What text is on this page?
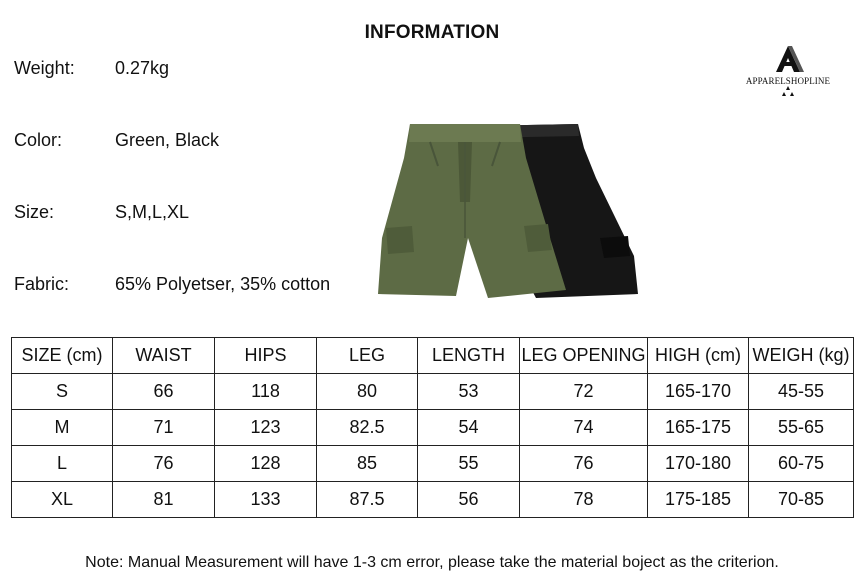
INFORMATION
Weight: 0.27kg
Color:	Green, Black
Size:	S,M,L,XL
Fabric:	65% Polyetser, 35% cotton
APPARELSHOPLINE
SIZE (cm)	WAIST	HIPS	LEG	LENGTH	LEG OPENING	HIGH (cm)	WEIGH (kg)
S	66	118	80	53	72	165-170	45-55
M	71	123	82.5	54	74	165-175	55-65
L	76	128	85	55	76	170-180	60-75
XL	81	133	87.5	56	78	175-185	70-85
Note: Manual Measurement will have 1-3 cm error, please take the material boject as the criterion.
